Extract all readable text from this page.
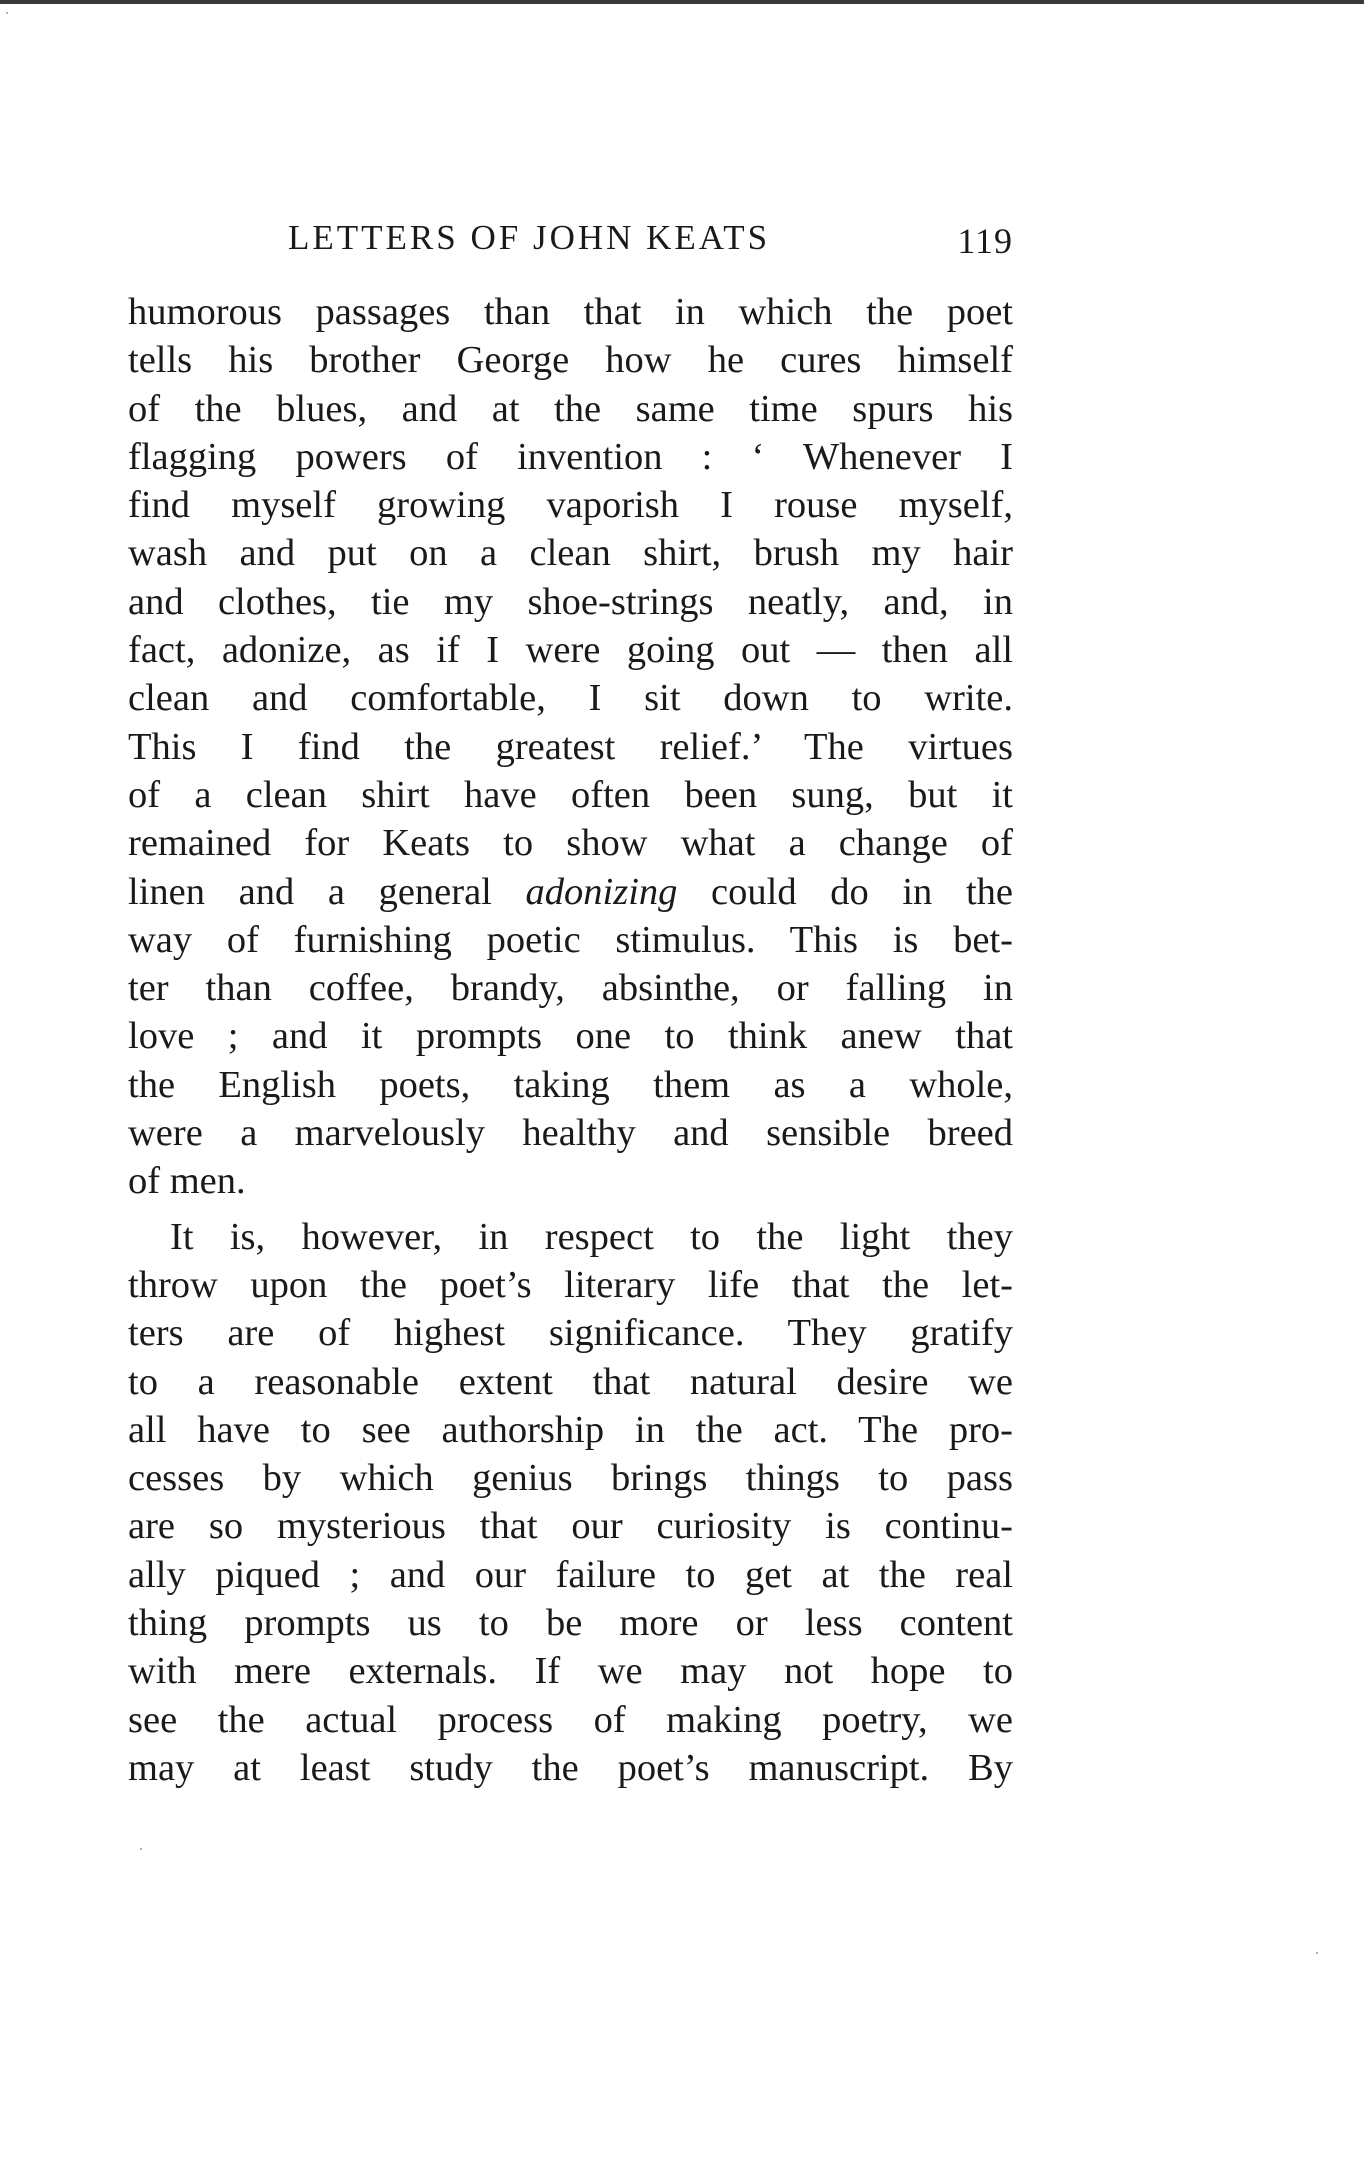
LETTERS OF JOHN KEATS	119
humorous passages than that in which the poet
tells his brother George how he cures himself
of the blues, and at the same time spurs his
flagging powers of invention : ‘ Whenever I
find myself growing vaporish I rouse myself,
wash and put on a clean shirt, brush my hair
and clothes, tie my shoe-strings neatly, and, in
fact, adonize, as if I were going out — then all
clean and comfortable, I sit down to write.
This I find the greatest relief.’ The virtues
of a clean shirt have often been sung, but it
remained for Keats to show what a change of
linen and a general adonizing could do in the
way of furnishing poetic stimulus. This is bet-
ter than coffee, brandy, absinthe, or falling in
love ; and it prompts one to think anew that
the English poets, taking them as a whole,
were a marvelously healthy and sensible breed
of men.
It is, however, in respect to the light they
throw upon the poet’s literary life that the let-
ters are of highest significance. They gratify
to a reasonable extent that natural desire we
all have to see authorship in the act. The pro-
cesses by which genius brings things to pass
are so mysterious that our curiosity is continu-
ally piqued ; and our failure to get at the real
thing prompts us to be more or less content
with mere externals. If we may not hope to
see the actual process of making poetry, we
may at least study the poet’s manuscript. By
